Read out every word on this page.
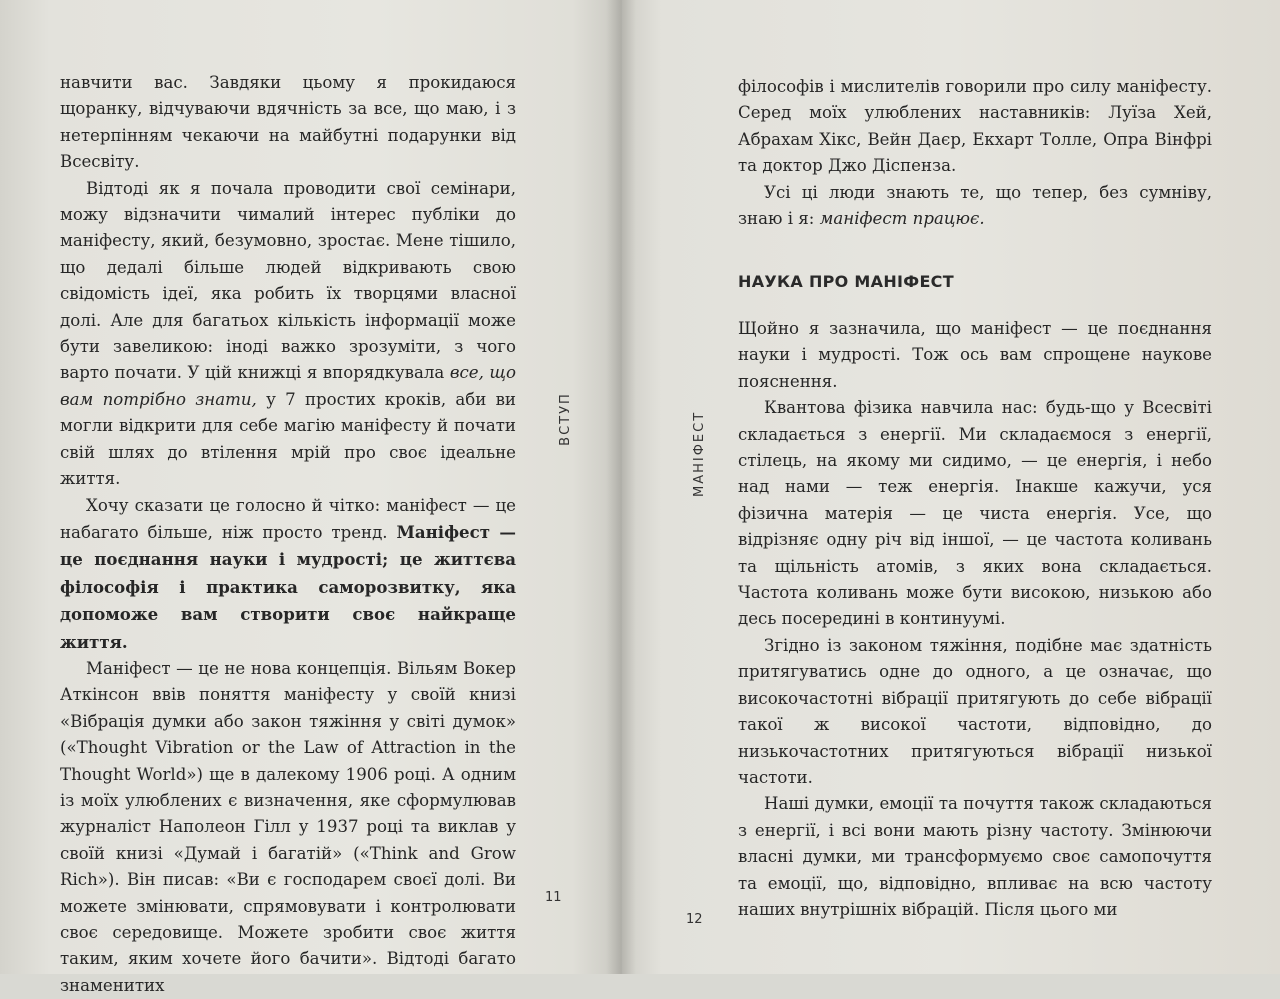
навчити вас. Завдяки цьому я прокидаюся щоранку, відчуваючи вдячність за все, що маю, і з нетерпінням чекаючи на майбутні подарунки від Всесвіту.

Відтоді як я почала проводити свої семінари, можу відзначити чималий інтерес публіки до маніфесту, який, безумовно, зростає. Мене тішило, що дедалі більше людей відкривають свою свідомість ідеї, яка робить їх творцями власної долі. Але для багатьох кількість інформації може бути завеликою: іноді важко зрозуміти, з чого варто почати. У цій книжці я впорядкувала все, що вам потрібно знати, у 7 простих кроків, аби ви могли відкрити для себе магію маніфесту й почати свій шлях до втілення мрій про своє ідеальне життя.

Хочу сказати це голосно й чітко: маніфест — це набагато більше, ніж просто тренд. Маніфест — це поєднання науки і мудрості; це життєва філософія і практика саморозвитку, яка допоможе вам створити своє найкраще життя.

Маніфест — це не нова концепція. Вільям Вокер Аткінсон ввів поняття маніфесту у своїй книзі «Вібрація думки або закон тяжіння у світі думок» («Thought Vibration or the Law of Attraction in the Thought World») ще в далекому 1906 році. А одним із моїх улюблених є визначення, яке сформулював журналіст Наполеон Гілл у 1937 році та виклав у своїй книзі «Думай і багатій» («Think and Grow Rich»). Він писав: «Ви є господарем своєї долі. Ви можете змінювати, спрямовувати і контролювати своє середовище. Можете зробити своє життя таким, яким хочете його бачити». Відтоді багато знаменитих

ВСТУП
11

філософів і мислителів говорили про силу маніфесту. Серед моїх улюблених наставників: Луїза Хей, Абрахам Хікс, Вейн Даєр, Екхарт Толле, Опра Вінфрі та доктор Джо Діспенза.

Усі ці люди знають те, що тепер, без сумніву, знаю і я: маніфест працює.

НАУКА ПРО МАНІФЕСТ

Щойно я зазначила, що маніфест — це поєднання науки і мудрості. Тож ось вам спрощене наукове пояснення.

Квантова фізика навчила нас: будь-що у Всесвіті складається з енергії. Ми складаємося з енергії, стілець, на якому ми сидимо, — це енергія, і небо над нами — теж енергія. Інакше кажучи, уся фізична матерія — це чиста енергія. Усе, що відрізняє одну річ від іншої, — це частота коливань та щільність атомів, з яких вона складається. Частота коливань може бути високою, низькою або десь посередині в континуумі.

Згідно із законом тяжіння, подібне має здатність притягуватись одне до одного, а це означає, що високочастотні вібрації притягують до себе вібрації такої ж високої частоти, відповідно, до низькочастотних притягуються вібрації низької частоти.

Наші думки, емоції та почуття також складаються з енергії, і всі вони мають різну частоту. Змінюючи власні думки, ми трансформуємо своє самопочуття та емоції, що, відповідно, впливає на всю частоту наших внутрішніх вібрацій. Після цього ми

МАНІФЕСТ
12
